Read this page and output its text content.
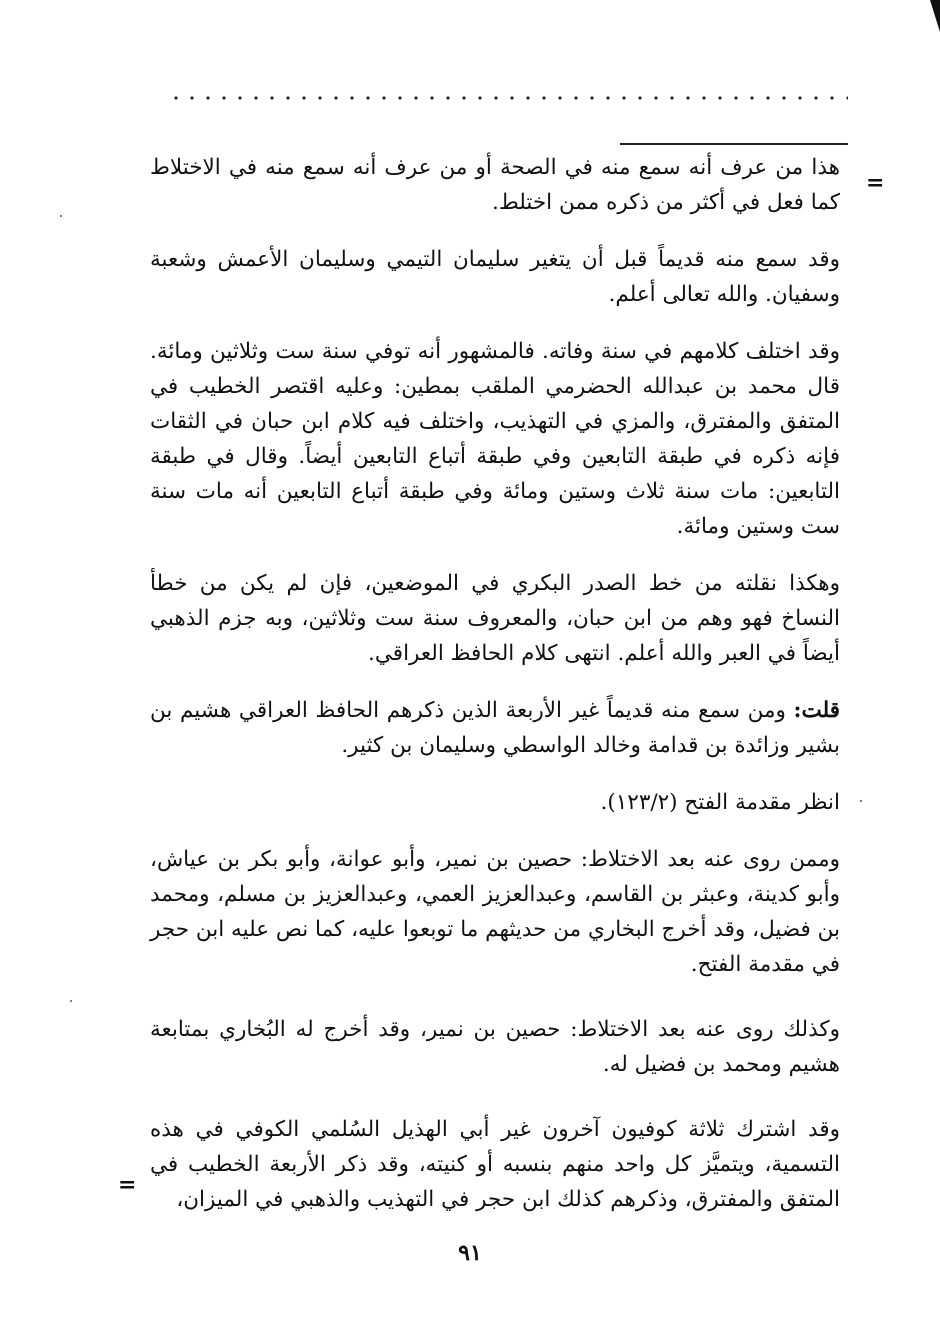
=
=

هذا من عرف أنه سمع منه في الصحة أو من عرف أنه سمع منه في الاختلاط كما فعل في أكثر من ذكره ممن اختلط.

وقد سمع منه قديماً قبل أن يتغير سليمان التيمي وسليمان الأعمش وشعبة وسفيان. والله تعالى أعلم.

وقد اختلف كلامهم في سنة وفاته. فالمشهور أنه توفي سنة ست وثلاثين ومائة. قال محمد بن عبدالله الحضرمي الملقب بمطين: وعليه اقتصر الخطيب في المتفق والمفترق، والمزي في التهذيب، واختلف فيه كلام ابن حبان في الثقات فإنه ذكره في طبقة التابعين وفي طبقة أتباع التابعين أيضاً. وقال في طبقة التابعين: مات سنة ثلاث وستين ومائة وفي طبقة أتباع التابعين أنه مات سنة ست وستين ومائة.

وهكذا نقلته من خط الصدر البكري في الموضعين، فإن لم يكن من خطأ النساخ فهو وهم من ابن حبان، والمعروف سنة ست وثلاثين، وبه جزم الذهبي أيضاً في العبر والله أعلم. انتهى كلام الحافظ العراقي.

قلت: ومن سمع منه قديماً غير الأربعة الذين ذكرهم الحافظ العراقي هشيم بن بشير وزائدة بن قدامة وخالد الواسطي وسليمان بن كثير.

انظر مقدمة الفتح (١٢٣/٢).

وممن روى عنه بعد الاختلاط: حصين بن نمير، وأبو عوانة، وأبو بكر بن عياش، وأبو كدينة، وعبثر بن القاسم، وعبدالعزيز العمي، وعبدالعزيز بن مسلم، ومحمد بن فضيل، وقد أخرج البخاري من حديثهم ما توبعوا عليه، كما نص عليه ابن حجر في مقدمة الفتح.

وكذلك روى عنه بعد الاختلاط: حصين بن نمير، وقد أخرج له البُخاري بمتابعة هشيم ومحمد بن فضيل له.

وقد اشترك ثلاثة كوفيون آخرون غير أبي الهذيل السُلمي الكوفي في هذه التسمية، ويتميَّز كل واحد منهم بنسبه أو كنيته، وقد ذكر الأربعة الخطيب في المتفق والمفترق، وذكرهم كذلك ابن حجر في التهذيب والذهبي في الميزان،

٩١
